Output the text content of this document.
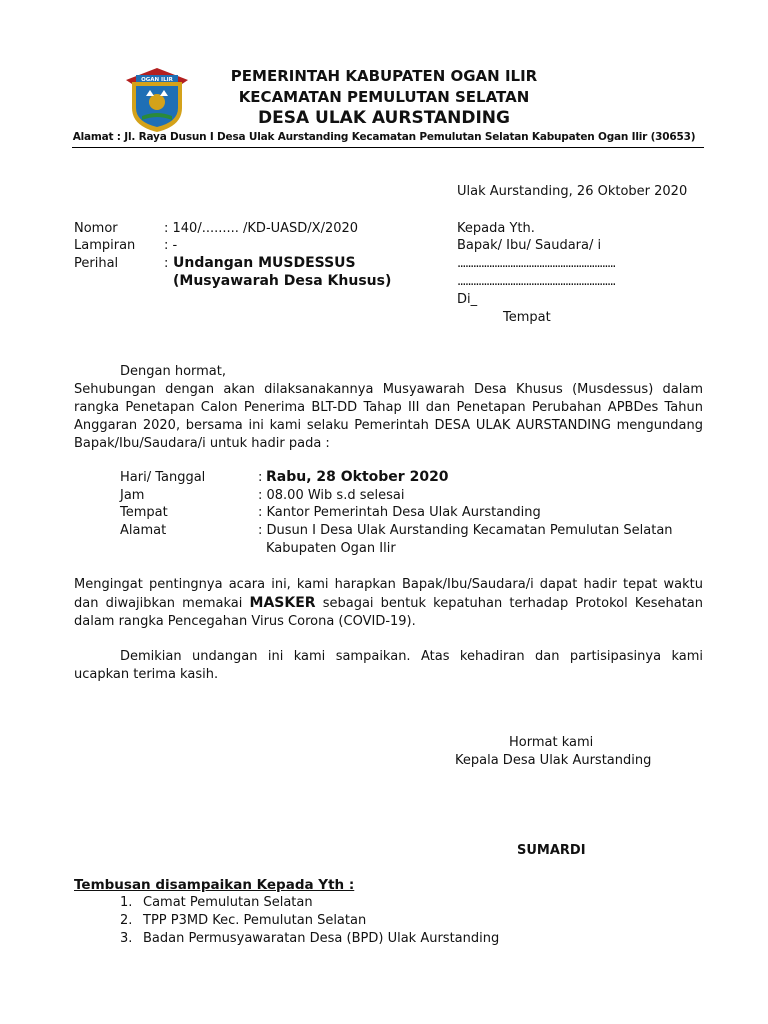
OGAN ILIR	PEMERINTAH KABUPATEN OGAN ILIR
KECAMATAN PEMULUTAN SELATAN
DESA ULAK AURSTANDING
Alamat : Jl. Raya Dusun I Desa Ulak Aurstanding Kecamatan Pemulutan Selatan Kabupaten Ogan Ilir (30653)
Ulak Aurstanding, 26 Oktober 2020
Nomor	: 140/......... /KD-UASD/X/2020
Lampiran : -
Perihal	: Undangan MUSDESSUS
(Musyawarah Desa Khusus)
Kepada Yth.
Bapak/ Ibu/ Saudara/ i
............................................................
............................................................
Di_
Tempat
Dengan hormat,
Sehubungan dengan akan dilaksanakannya Musyawarah Desa Khusus (Musdessus) dalam rangka Penetapan Calon Penerima BLT-DD Tahap III dan Penetapan Perubahan APBDes Tahun Anggaran 2020, bersama ini kami selaku Pemerintah DESA ULAK AURSTANDING mengundang Bapak/Ibu/Saudara/i untuk hadir pada :
Hari/ Tanggal	: Rabu, 28 Oktober 2020
Jam	: 08.00 Wib s.d selesai
Tempat	: Kantor Pemerintah Desa Ulak Aurstanding
Alamat	: Dusun I Desa Ulak Aurstanding Kecamatan Pemulutan Selatan
Kabupaten Ogan Ilir
Mengingat pentingnya acara ini, kami harapkan Bapak/Ibu/Saudara/i dapat hadir tepat waktu dan diwajibkan memakai MASKER sebagai bentuk kepatuhan terhadap Protokol Kesehatan dalam rangka Pencegahan Virus Corona (COVID-19).
Demikian undangan ini kami sampaikan. Atas kehadiran dan partisipasinya kami ucapkan terima kasih.
Hormat kami
Kepala Desa Ulak Aurstanding
SUMARDI
Tembusan disampaikan Kepada Yth :
1. Camat Pemulutan Selatan
2. TPP P3MD Kec. Pemulutan Selatan
3. Badan Permusyawaratan Desa (BPD) Ulak Aurstanding
